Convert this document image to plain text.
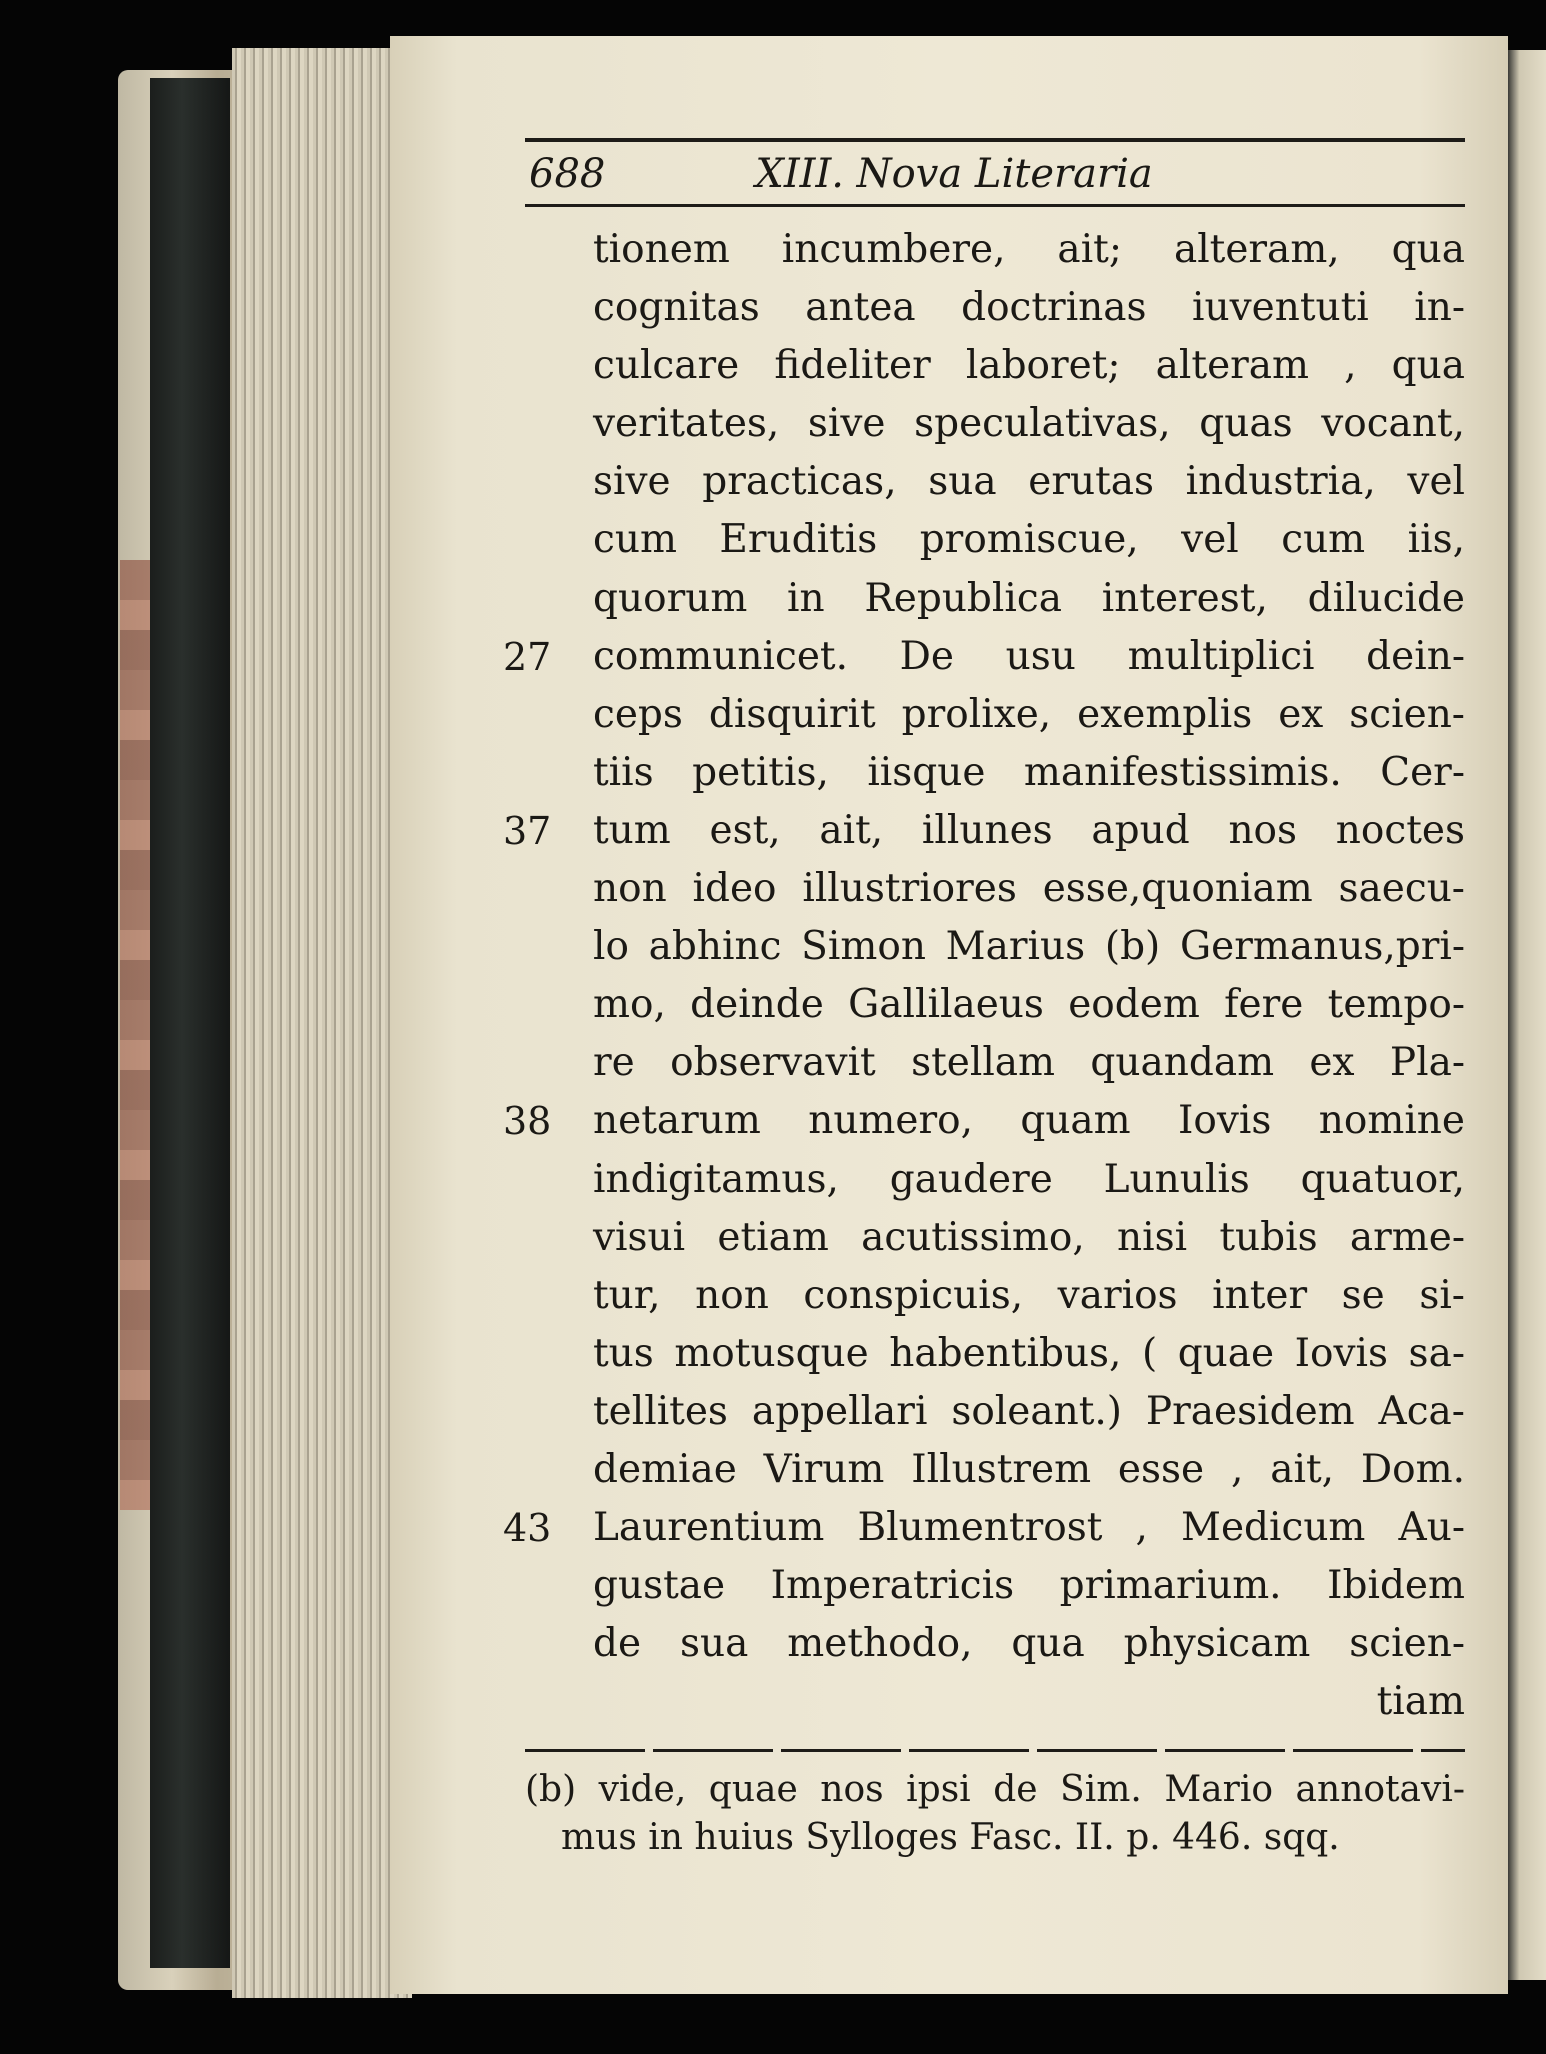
688	XIII. Nova Literaria
tionem incumbere, ait; alteram, qua
cognitas antea doctrinas iuventuti in-
culcare fideliter laboret; alteram , qua
veritates, sive speculativas, quas vocant,
sive practicas, sua erutas industria, vel
cum Eruditis promiscue, vel cum iis,
quorum in Republica interest, dilucide
27	communicet. De usu multiplici dein-
ceps disquirit prolixe, exemplis ex scien-
tiis petitis, iisque manifestissimis. Cer-
37	tum est, ait, illunes apud nos noctes
non ideo illustriores esse,quoniam saecu-
lo abhinc Simon Marius (b) Germanus,pri-
mo, deinde Gallilaeus eodem fere tempo-
re observavit stellam quandam ex Pla-
38	netarum numero, quam Iovis nomine
indigitamus, gaudere Lunulis quatuor,
visui etiam acutissimo, nisi tubis arme-
tur, non conspicuis, varios inter se si-
tus motusque habentibus, ( quae Iovis sa-
tellites appellari soleant.) Praesidem Aca-
demiae Virum Illustrem esse , ait, Dom.
43	Laurentium Blumentrost , Medicum Au-
gustae Imperatricis primarium. Ibidem
de sua methodo, qua physicam scien-
tiam
(b) vide, quae nos ipsi de Sim. Mario annotavi-
mus in huius Sylloges Fasc. II. p. 446. sqq.
